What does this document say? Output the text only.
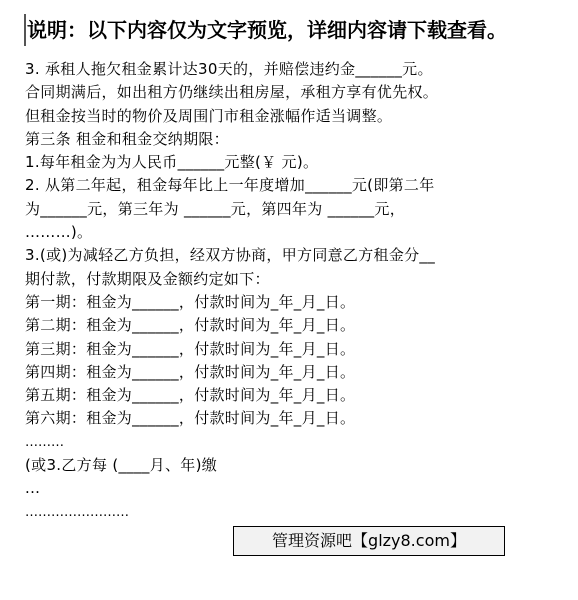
说明：以下内容仅为文字预览，详细内容请下载查看。
3. 承租人拖欠租金累计达30天的，并赔偿违约金______元。
合同期满后，如出租方仍继续出租房屋，承租方享有优先权。
但租金按当时的物价及周围门市租金涨幅作适当调整。
第三条 租金和租金交纳期限：
1.每年租金为为人民币______元整(￥ 元)。
2. 从第二年起，租金每年比上一年度增加______元(即第二年
为______元，第三年为 ______元，第四年为 ______元，
………)。
3.(或)为减轻乙方负担，经双方协商，甲方同意乙方租金分__
期付款，付款期限及金额约定如下：
第一期：租金为______，付款时间为_年_月_日。
第二期：租金为______，付款时间为_年_月_日。
第三期：租金为______，付款时间为_年_月_日。
第四期：租金为______，付款时间为_年_月_日。
第五期：租金为______，付款时间为_年_月_日。
第六期：租金为______，付款时间为_年_月_日。
………
(或3.乙方每 (____月、年)缴
...
……………………
管理资源吧【glzy8.com】
